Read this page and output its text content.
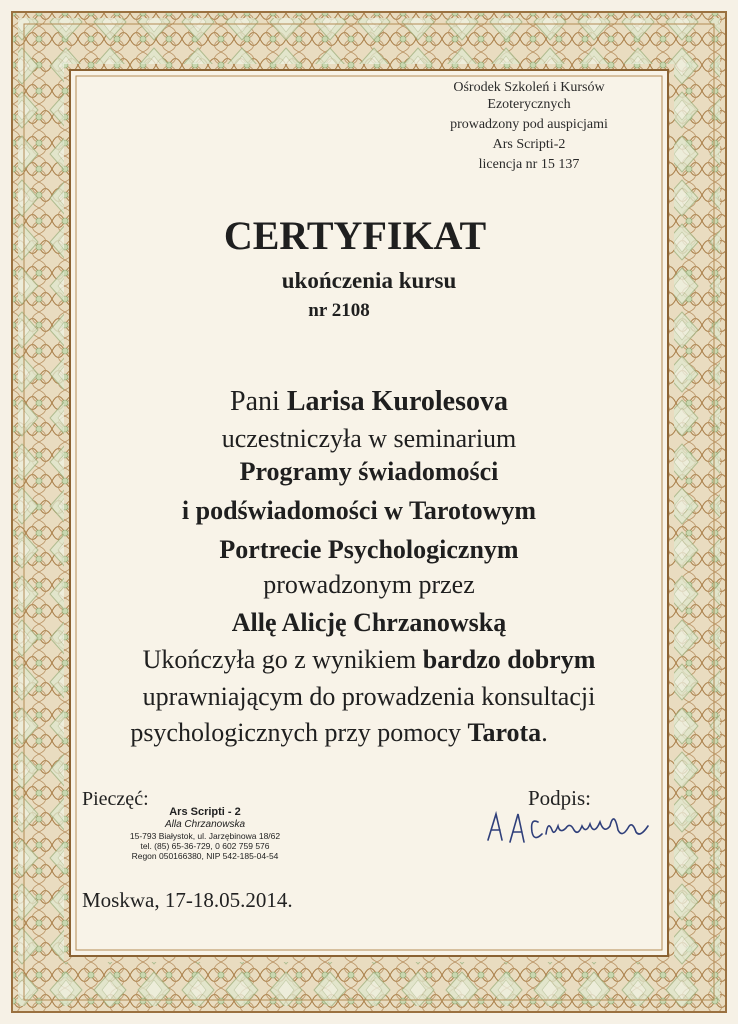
Ośrodek Szkoleń i Kursów
Ezoterycznych
prowadzony pod auspicjami
Ars Scripti-2
licencja nr 15 137
CERTYFIKAT
ukończenia kursu
nr 2108
Pani Larisa Kurolesova
uczestniczyła w seminarium
Programy świadomości
i podświadomości w Tarotowym
Portrecie Psychologicznym
prowadzonym przez
Allę Alicję Chrzanowską
Ukończyła go z wynikiem bardzo dobrym
uprawniającym do prowadzenia konsultacji
psychologicznych przy pomocy Tarota.
Pieczęć:
Ars Scripti - 2
Alla Chrzanowska
15-793 Białystok, ul. Jarzębinowa 18/62
tel. (85) 65-36-729, 0 602 759 576
Regon 050166380, NIP 542-185-04-54
Podpis:
Moskwa, 17-18.05.2014.
